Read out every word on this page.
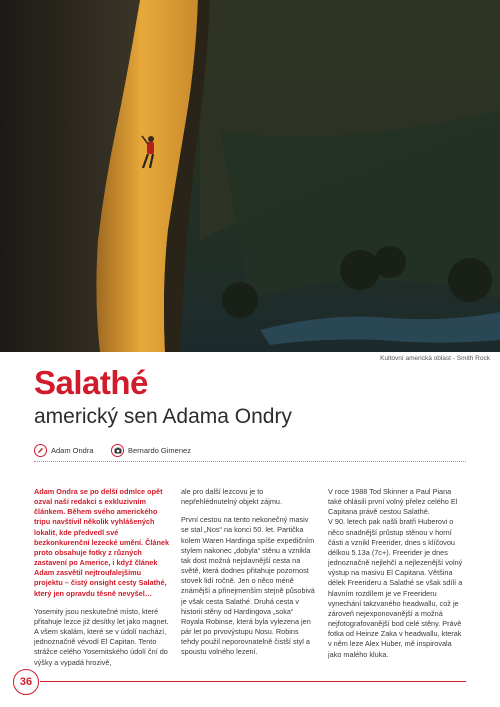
Kultovní americká oblast - Smith Rock
Salathé
americký sen Adama Ondry
Adam Ondra	Bernardo Gimenez

Adam Ondra se po delší odmlce opět ozval naší redakci s exkluzivním článkem. Během svého amerického tripu navštívil několik vyhlášených lokalit, kde předvedl své bezkonkurenční lezecké umění. Článek proto obsahuje fotky z různých zastavení po Americe, i když článek Adam zasvětil nejtroufalejšímu projektu – čistý onsight cesty Salathé, který jen opravdu těsně nevyšel…

Yosemity jsou neskutečné místo, které přitahuje lezce již desítky let jako magnet. A všem skalám, které se v údolí nachází, jednoznačně vévodí El Capitan. Tento strážce celého Yosemitského údolí ční do výšky a vypadá hrozivě,

ale pro další lezcovu je to nepřehlédnutelný objekt zájmu.

První cestou na tento nekonečný masiv se stal „Nos“ na konci 50. let. Partička kolem Waren Hardinga spíše expedičním stylem nakonec „dobyla“ stěnu a vznikla tak dost možná nejslavnější cesta na světě, která dodnes přitahuje pozornost stovek lidí ročně. Jen o něco méně známější a přinejmenším stejně působivá je však cesta Salathé. Druhá cesta v historii stěny od Hardingova „soka“ Royala Robinse, která byla vylezena jen pár let po prvovýstupu Nosu. Robins tehdy použil neporovnatelně čistší styl a spoustu volného lezení.

V roce 1988 Tod Skinner a Paul Piana také ohlásili první volný přelez celého El Capitana právě cestou Salathé.

V 90. letech pak našli bratři Huberovi o něco snadnější průstup stěnou v horní části a vznikl Freerider, dnes s klíčovou délkou 5.13a (7c+). Freerider je dnes jednoznačně nejlehčí a nejlezenější volný výstup na masivu El Capitana. Většina délek Freerideru a Salathé se však sdílí a hlavním rozdílem je ve Freerideru vynechání takzvaného headwallu, což je zároveň nejexponovanější a možná nejfotografovanější bod celé stěny. Právě fotka od Heinze Zaka v headwallu, kterak v něm leze Alex Huber, mě inspirovala jako malého kluka.

36
